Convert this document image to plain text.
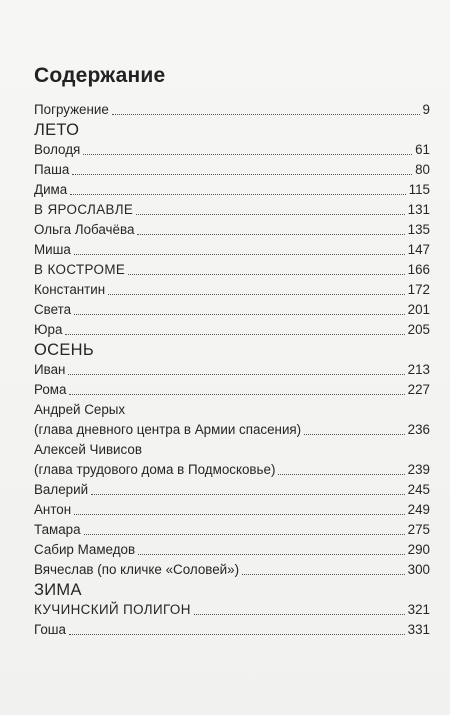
Содержание
Погружение	9
ЛЕТО
Володя	61
Паша	80
Дима	115
В ЯРОСЛАВЛЕ	131
Ольга Лобачёва	135
Миша	147
В КОСТРОМЕ	166
Константин	172
Света	201
Юра	205
ОСЕНЬ
Иван	213
Рома	227
Андрей Серых
(глава дневного центра в Армии спасения)	236
Алексей Чивисов
(глава трудового дома в Подмосковье)	239
Валерий	245
Антон	249
Тамара	275
Сабир Мамедов	290
Вячеслав (по кличке «Соловей»)	300
ЗИМА
КУЧИНСКИЙ ПОЛИГОН	321
Гоша	331
